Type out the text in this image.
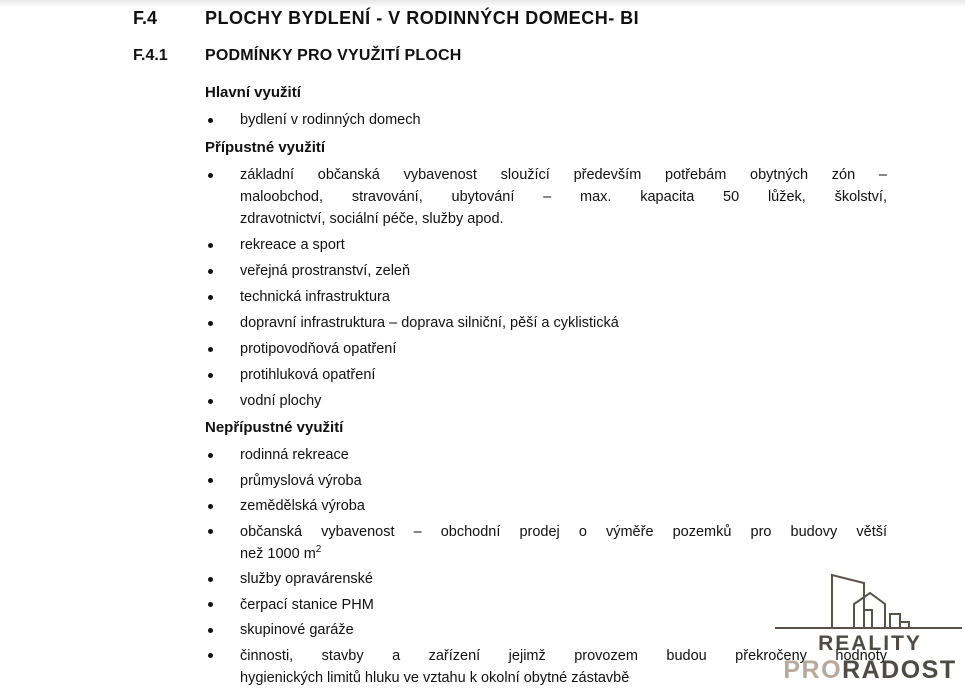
REALITY
PRORADOST
F.4	PLOCHY BYDLENÍ - V RODINNÝCH DOMECH- BI
F.4.1	PODMÍNKY PRO VYUŽITÍ PLOCH
Hlavní využití
bydlení v rodinných domech
Přípustné využití
základní občanská vybavenost sloužící především potřebám obytných zón –
maloobchod, stravování, ubytování – max. kapacita 50 lůžek, školství,
zdravotnictví, sociální péče, služby apod.
rekreace a sport
veřejná prostranství, zeleň
technická infrastruktura
dopravní infrastruktura – doprava silniční, pěší a cyklistická
protipovodňová opatření
protihluková opatření
vodní plochy
Nepřípustné využití
rodinná rekreace
průmyslová výroba
zemědělská výroba
občanská vybavenost – obchodní prodej o výměře pozemků pro budovy větší
než 1000 $m^2$
služby opravárenské
čerpací stanice PHM
skupinové garáže
činnosti, stavby a zařízení jejimž provozem budou překročeny hodnoty
hygienických limitů hluku ve vztahu k okolní obytné zástavbě
